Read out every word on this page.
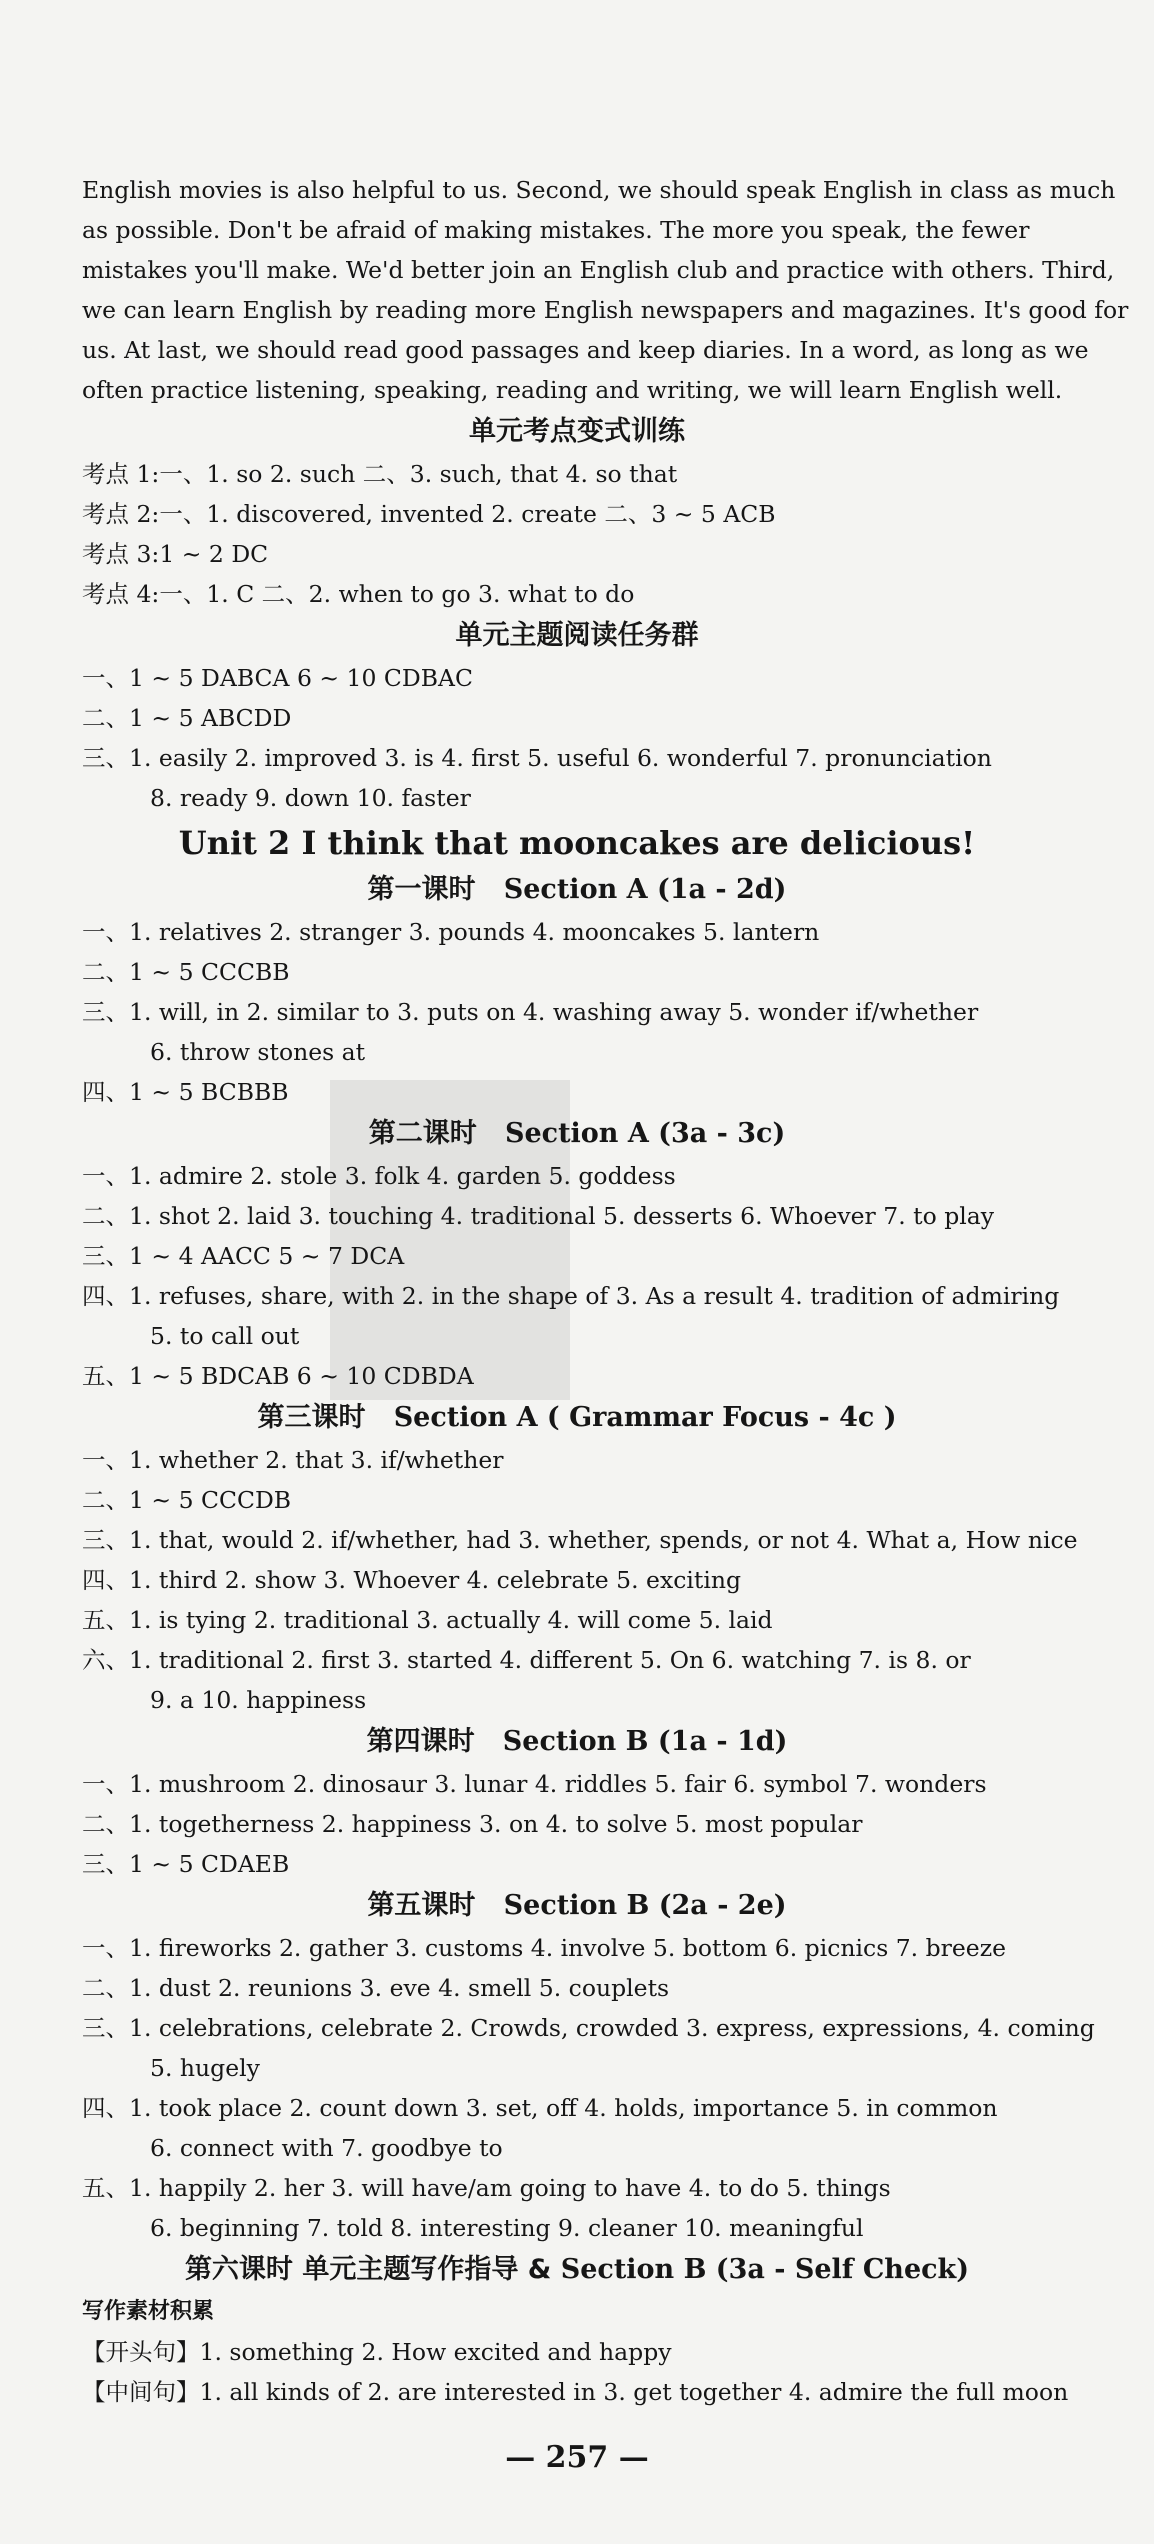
English movies is also helpful to us. Second, we should speak English in class as much
as possible. Don't be afraid of making mistakes. The more you speak, the fewer
mistakes you'll make. We'd better join an English club and practice with others. Third,
we can learn English by reading more English newspapers and magazines. It's good for
us. At last, we should read good passages and keep diaries. In a word, as long as we
often practice listening, speaking, reading and writing, we will learn English well.
单元考点变式训练
考点 1:一、1. so 2. such 二、3. such, that 4. so that
考点 2:一、1. discovered, invented 2. create 二、3 ~ 5 ACB
考点 3:1 ~ 2 DC
考点 4:一、1. C 二、2. when to go 3. what to do
单元主题阅读任务群
一、1 ~ 5 DABCA 6 ~ 10 CDBAC
二、1 ~ 5 ABCDD
三、1. easily 2. improved 3. is 4. first 5. useful 6. wonderful 7. pronunciation
8. ready 9. down 10. faster
Unit 2 I think that mooncakes are delicious!
第一课时 Section A (1a - 2d)
一、1. relatives 2. stranger 3. pounds 4. mooncakes 5. lantern
二、1 ~ 5 CCCBB
三、1. will, in 2. similar to 3. puts on 4. washing away 5. wonder if/whether
6. throw stones at
四、1 ~ 5 BCBBB
第二课时 Section A (3a - 3c)
一、1. admire 2. stole 3. folk 4. garden 5. goddess
二、1. shot 2. laid 3. touching 4. traditional 5. desserts 6. Whoever 7. to play
三、1 ~ 4 AACC 5 ~ 7 DCA
四、1. refuses, share, with 2. in the shape of 3. As a result 4. tradition of admiring
5. to call out
五、1 ~ 5 BDCAB 6 ~ 10 CDBDA
第三课时 Section A ( Grammar Focus - 4c )
一、1. whether 2. that 3. if/whether
二、1 ~ 5 CCCDB
三、1. that, would 2. if/whether, had 3. whether, spends, or not 4. What a, How nice
四、1. third 2. show 3. Whoever 4. celebrate 5. exciting
五、1. is tying 2. traditional 3. actually 4. will come 5. laid
六、1. traditional 2. first 3. started 4. different 5. On 6. watching 7. is 8. or
9. a 10. happiness
第四课时 Section B (1a - 1d)
一、1. mushroom 2. dinosaur 3. lunar 4. riddles 5. fair 6. symbol 7. wonders
二、1. togetherness 2. happiness 3. on 4. to solve 5. most popular
三、1 ~ 5 CDAEB
第五课时 Section B (2a - 2e)
一、1. fireworks 2. gather 3. customs 4. involve 5. bottom 6. picnics 7. breeze
二、1. dust 2. reunions 3. eve 4. smell 5. couplets
三、1. celebrations, celebrate 2. Crowds, crowded 3. express, expressions, 4. coming
5. hugely
四、1. took place 2. count down 3. set, off 4. holds, importance 5. in common
6. connect with 7. goodbye to
五、1. happily 2. her 3. will have/am going to have 4. to do 5. things
6. beginning 7. told 8. interesting 9. cleaner 10. meaningful
第六课时 单元主题写作指导 & Section B (3a - Self Check)
写作素材积累
【开头句】1. something 2. How excited and happy
【中间句】1. all kinds of 2. are interested in 3. get together 4. admire the full moon
— 257 —
